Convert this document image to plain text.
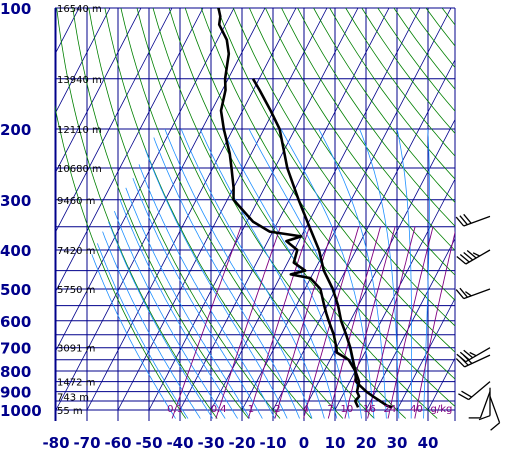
100
200
300
400
500
600
700
800
900
1000
-80 -70 -60 -50 -40 -30 -20 -10 0 10 20 30 40
16540 m
13940 m
12110 m
10680 m
9460 m
7420 m
5750 m
3091 m
1472 m
743 m
55 m	0.1	0.4 1 2 4 7 10 16 24 40 g/kg
